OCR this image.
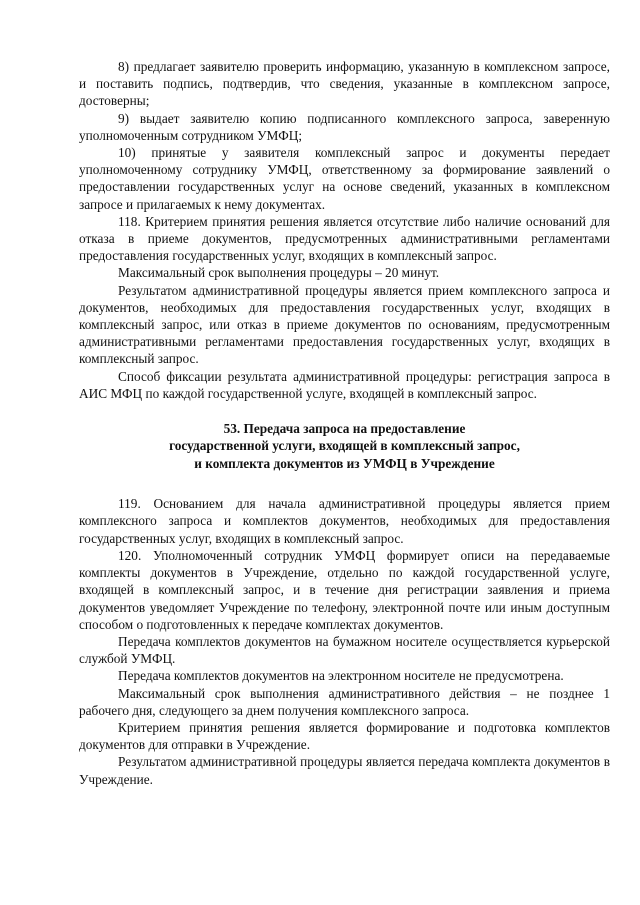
8) предлагает заявителю проверить информацию, указанную в комплексном запросе, и поставить подпись, подтвердив, что сведения, указанные в комплексном запросе, достоверны;

9) выдает заявителю копию подписанного комплексного запроса, заверенную уполномоченным сотрудником УМФЦ;

10) принятые у заявителя комплексный запрос и документы передает уполномоченному сотруднику УМФЦ, ответственному за формирование заявлений о предоставлении государственных услуг на основе сведений, указанных в комплексном запросе и прилагаемых к нему документах.

118. Критерием принятия решения является отсутствие либо наличие оснований для отказа в приеме документов, предусмотренных административными регламентами предоставления государственных услуг, входящих в комплексный запрос.

Максимальный срок выполнения процедуры – 20 минут.

Результатом административной процедуры является прием комплексного запроса и документов, необходимых для предоставления государственных услуг, входящих в комплексный запрос, или отказ в приеме документов по основаниям, предусмотренным административными регламентами предоставления государственных услуг, входящих в комплексный запрос.

Способ фиксации результата административной процедуры: регистрация запроса в АИС МФЦ по каждой государственной услуге, входящей в комплексный запрос.

53. Передача запроса на предоставление
государственной услуги, входящей в комплексный запрос,
и комплекта документов из УМФЦ в Учреждение

119. Основанием для начала административной процедуры является прием комплексного запроса и комплектов документов, необходимых для предоставления государственных услуг, входящих в комплексный запрос.

120. Уполномоченный сотрудник УМФЦ формирует описи на передаваемые комплекты документов в Учреждение, отдельно по каждой государственной услуге, входящей в комплексный запрос, и в течение дня регистрации заявления и приема документов уведомляет Учреждение по телефону, электронной почте или иным доступным способом о подготовленных к передаче комплектах документов.

Передача комплектов документов на бумажном носителе осуществляется курьерской службой УМФЦ.

Передача комплектов документов на электронном носителе не предусмотрена.

Максимальный срок выполнения административного действия – не позднее 1 рабочего дня, следующего за днем получения комплексного запроса.

Критерием принятия решения является формирование и подготовка комплектов документов для отправки в Учреждение.

Результатом административной процедуры является передача комплекта документов в Учреждение.
